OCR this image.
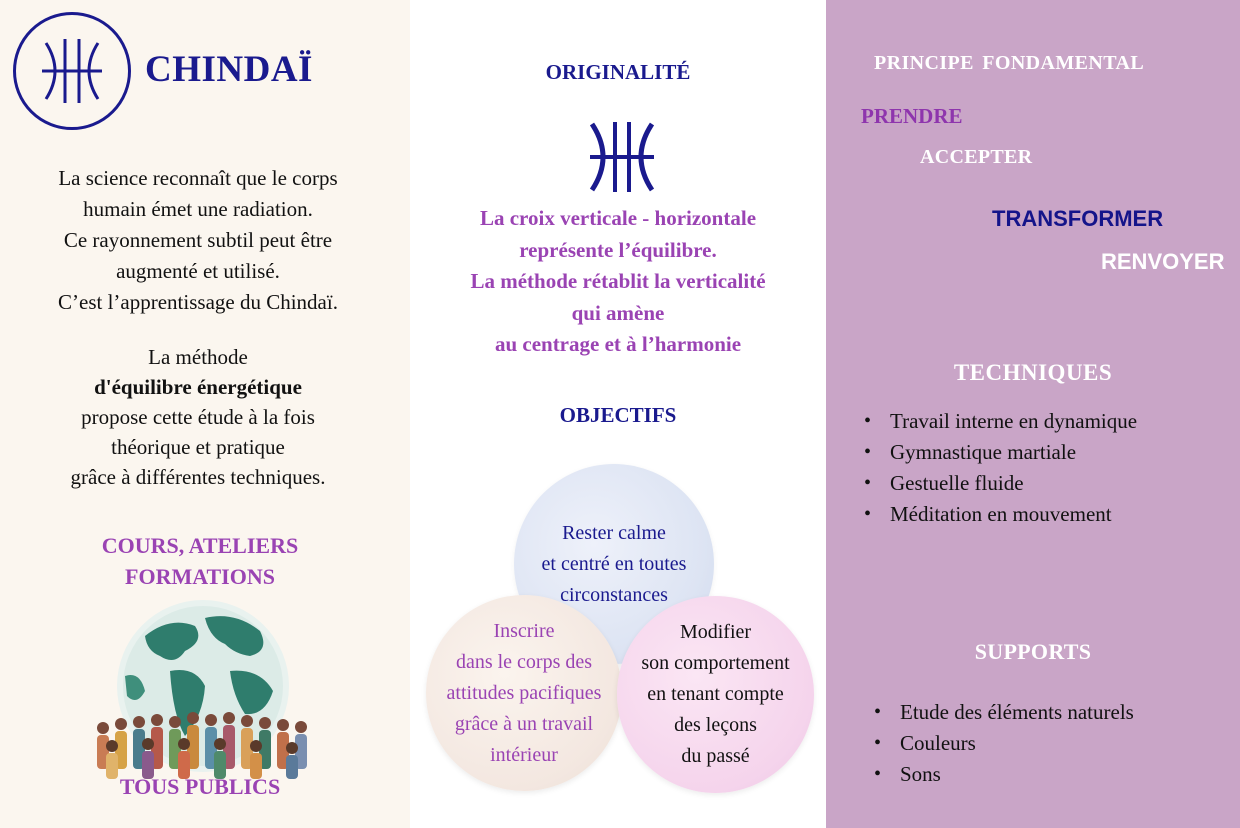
CHINDAÏ
La science reconnaît que le corps
humain émet une radiation.
Ce rayonnement subtil peut être
augmenté et utilisé.
C’est l’apprentissage du Chindaï.
La méthode
d'équilibre énergétique
propose cette étude à la fois
théorique et pratique
grâce à différentes techniques.
COURS, ATELIERS
FORMATIONS
TOUS PUBLICS
ORIGINALITÉ
La croix verticale - horizontale
représente l’équilibre.
La méthode rétablit la verticalité
qui amène
au centrage et à l’harmonie
OBJECTIFS
Rester calme
et centré en toutes
circonstances
Inscrire
dans le corps des
attitudes pacifiques
grâce à un travail
intérieur
Modifier
son comportement
en tenant compte
des leçons
du passé
PRINCIPE FONDAMENTAL
PRENDRE
ACCEPTER
TRANSFORMER
RENVOYER
TECHNIQUES
• Travail interne en dynamique
• Gymnastique martiale
• Gestuelle fluide
• Méditation en mouvement
SUPPORTS
• Etude des éléments naturels
• Couleurs
• Sons
